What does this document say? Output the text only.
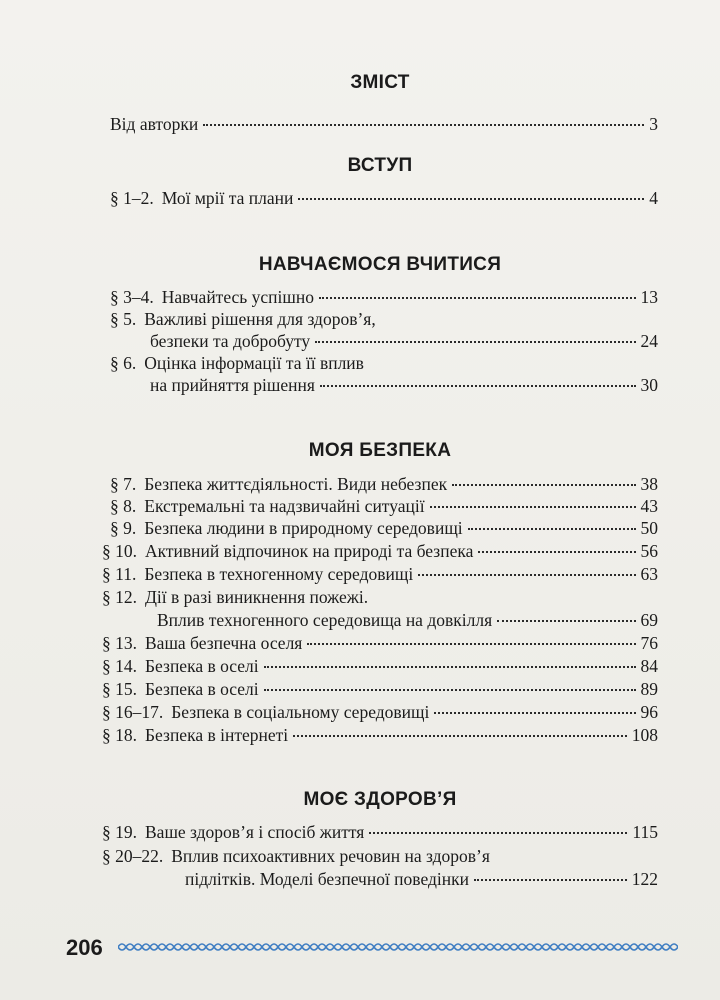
ЗМІСТ
Від авторки	3
ВСТУП
§ 1–2. Мої мрії та плани	4
НАВЧАЄМОСЯ ВЧИТИСЯ
§ 3–4. Навчайтесь успішно	13
§ 5. Важливі рішення для здоров’я,
безпеки та добробуту	24
§ 6. Оцінка інформації та її вплив
на прийняття рішення	30
МОЯ БЕЗПЕКА
§ 7. Безпека життєдіяльності. Види небезпек	38
§ 8. Екстремальні та надзвичайні ситуації	43
§ 9. Безпека людини в природному середовищі	50
§ 10. Активний відпочинок на природі та безпека	56
§ 11. Безпека в техногенному середовищі	63
§ 12. Дії в разі виникнення пожежі.
Вплив техногенного середовища на довкілля	69
§ 13. Ваша безпечна оселя	76
§ 14. Безпека в оселі	84
§ 15. Безпека в оселі	89
§ 16–17. Безпека в соціальному середовищі	96
§ 18. Безпека в інтернеті	108
МОЄ ЗДОРОВ’Я
§ 19. Ваше здоров’я і спосіб життя	115
§ 20–22. Вплив психоактивних речовин на здоров’я
підлітків. Моделі безпечної поведінки	122
206
